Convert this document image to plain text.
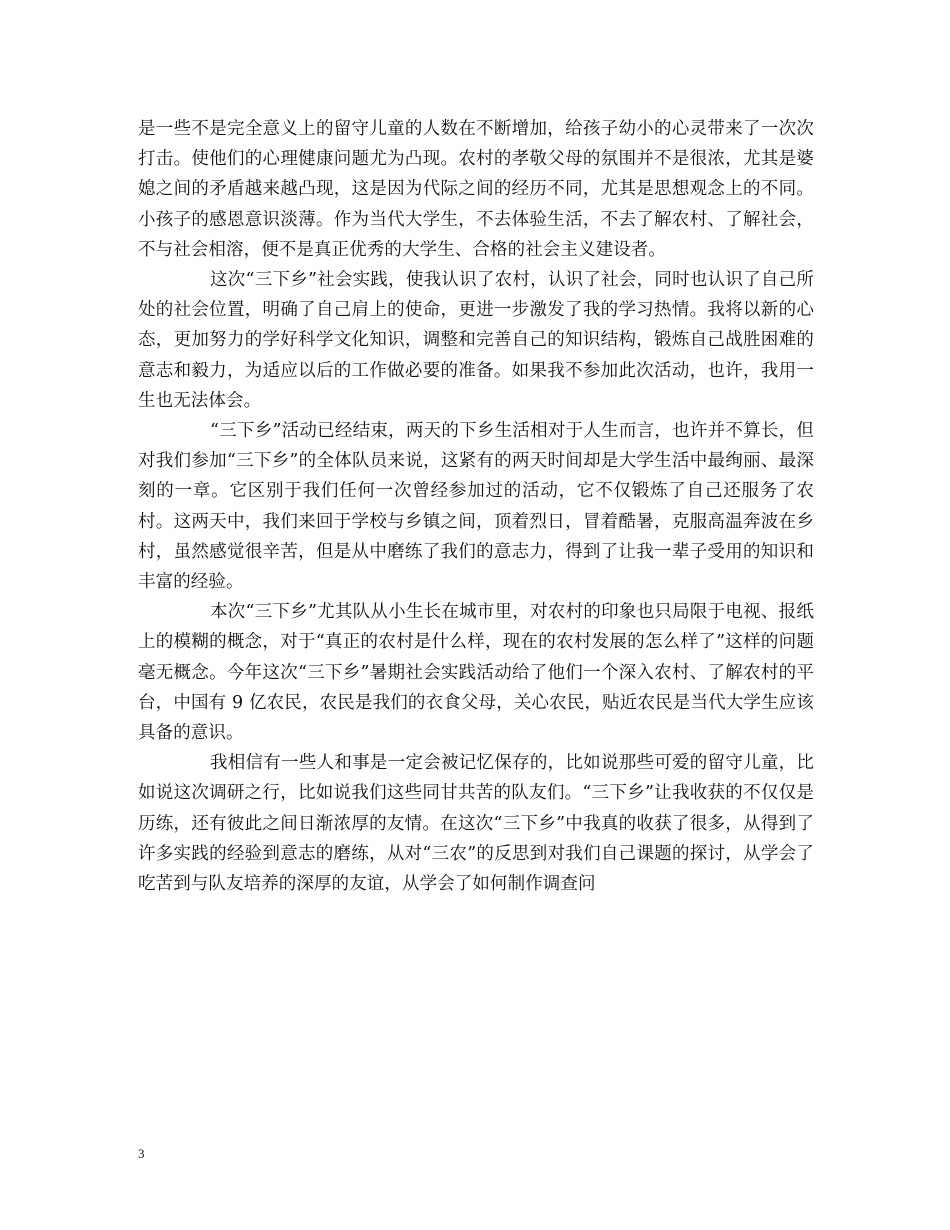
是一些不是完全意义上的留守儿童的人数在不断增加，给孩子幼小的心灵带来了一次次打击。使他们的心理健康问题尤为凸现。农村的孝敬父母的氛围并不是很浓，尤其是婆媳之间的矛盾越来越凸现，这是因为代际之间的经历不同，尤其是思想观念上的不同。小孩子的感恩意识淡薄。作为当代大学生，不去体验生活，不去了解农村、了解社会，不与社会相溶，便不是真正优秀的大学生、合格的社会主义建设者。

这次“三下乡”社会实践，使我认识了农村，认识了社会，同时也认识了自己所处的社会位置，明确了自己肩上的使命，更进一步激发了我的学习热情。我将以新的心态，更加努力的学好科学文化知识，调整和完善自己的知识结构，锻炼自己战胜困难的意志和毅力，为适应以后的工作做必要的准备。如果我不参加此次活动，也许，我用一生也无法体会。

“三下乡”活动已经结束，两天的下乡生活相对于人生而言，也许并不算长，但对我们参加“三下乡”的全体队员来说，这紧有的两天时间却是大学生活中最绚丽、最深刻的一章。它区别于我们任何一次曾经参加过的活动，它不仅锻炼了自己还服务了农村。这两天中，我们来回于学校与乡镇之间，顶着烈日，冒着酷暑，克服高温奔波在乡村，虽然感觉很辛苦，但是从中磨练了我们的意志力，得到了让我一辈子受用的知识和丰富的经验。

本次“三下乡”尤其队从小生长在城市里，对农村的印象也只局限于电视、报纸上的模糊的概念，对于“真正的农村是什么样，现在的农村发展的怎么样了”这样的问题毫无概念。今年这次“三下乡”暑期社会实践活动给了他们一个深入农村、了解农村的平台，中国有 9 亿农民，农民是我们的衣食父母，关心农民，贴近农民是当代大学生应该具备的意识。

我相信有一些人和事是一定会被记忆保存的，比如说那些可爱的留守儿童，比如说这次调研之行，比如说我们这些同甘共苦的队友们。“三下乡”让我收获的不仅仅是历练，还有彼此之间日渐浓厚的友情。在这次“三下乡”中我真的收获了很多，从得到了许多实践的经验到意志的磨练，从对“三农”的反思到对我们自己课题的探讨，从学会了吃苦到与队友培养的深厚的友谊，从学会了如何制作调查问

3
